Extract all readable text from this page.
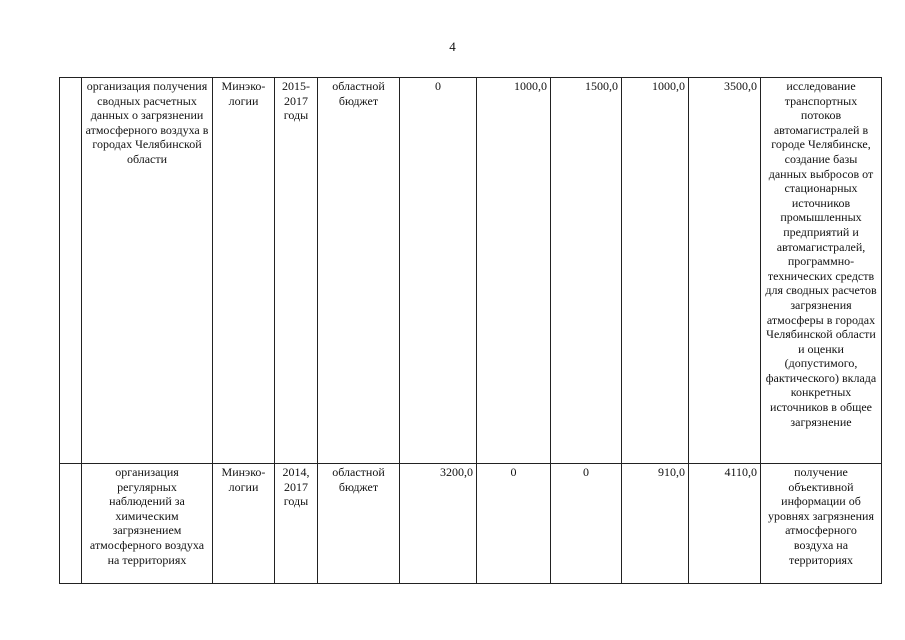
4
	организация получения сводных расчетных данных о загрязнении атмосферного воздуха в городах Челябинской области	Минэко-логии	2015-2017 годы	областной бюджет	0	1000,0	1500,0	1000,0	3500,0	исследование транспортных потоков автомагистралей в городе Челябинске, создание базы данных выбросов от стационарных источников промышленных предприятий и автомагистралей, программно-технических средств для сводных расчетов загрязнения атмосферы в городах Челябинской области и оценки (допустимого, фактического) вклада конкретных источников в общее загрязнение
	организация регулярных наблюдений за химическим загрязнением атмосферного воздуха на территориях	Минэко-логии	2014, 2017 годы	областной бюджет	3200,0	0	0	910,0	4110,0	получение объективной информации об уровнях загрязнения атмосферного воздуха на территориях
